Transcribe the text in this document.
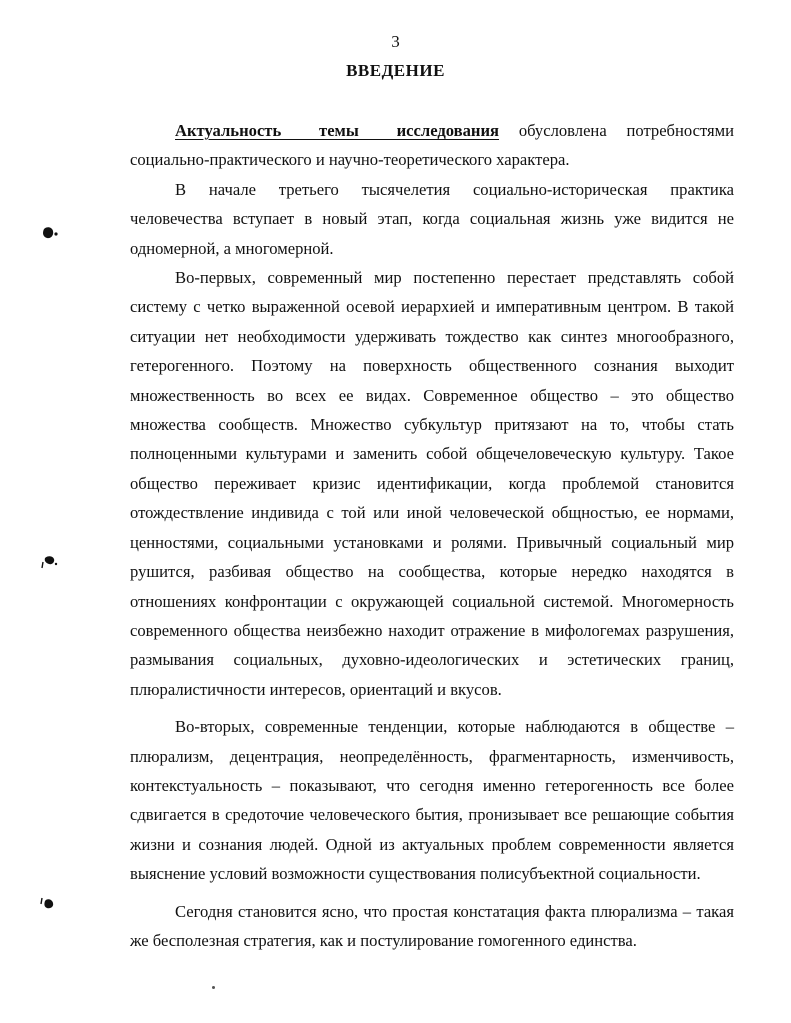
3
ВВЕДЕНИЕ

Актуальность темы исследования обусловлена потребностями социально-практического и научно-теоретического характера.

В начале третьего тысячелетия социально-историческая практика человечества вступает в новый этап, когда социальная жизнь уже видится не одномерной, а многомерной.

Во-первых, современный мир постепенно перестает представлять собой систему с четко выраженной осевой иерархией и императивным центром. В такой ситуации нет необходимости удерживать тождество как синтез многообразного, гетерогенного. Поэтому на поверхность общественного сознания выходит множественность во всех ее видах. Современное общество – это общество множества сообществ. Множество субкультур притязают на то, чтобы стать полноценными культурами и заменить собой общечеловеческую культуру. Такое общество переживает кризис идентификации, когда проблемой становится отождествление индивида с той или иной человеческой общностью, ее нормами, ценностями, социальными установками и ролями. Привычный социальный мир рушится, разбивая общество на сообщества, которые нередко находятся в отношениях конфронтации с окружающей социальной системой. Многомерность современного общества неизбежно находит отражение в мифологемах разрушения, размывания социальных, духовно-идеологических и эстетических границ, плюралистичности интересов, ориентаций и вкусов.

Во-вторых, современные тенденции, которые наблюдаются в обществе – плюрализм, децентрация, неопределённость, фрагментарность, изменчивость, контекстуальность – показывают, что сегодня именно гетерогенность все более сдвигается в средоточие человеческого бытия, пронизывает все решающие события жизни и сознания людей. Одной из актуальных проблем современности является выяснение условий возможности существования полисубъектной социальности.

Сегодня становится ясно, что простая констатация факта плюрализма – такая же бесполезная стратегия, как и постулирование гомогенного единства.
